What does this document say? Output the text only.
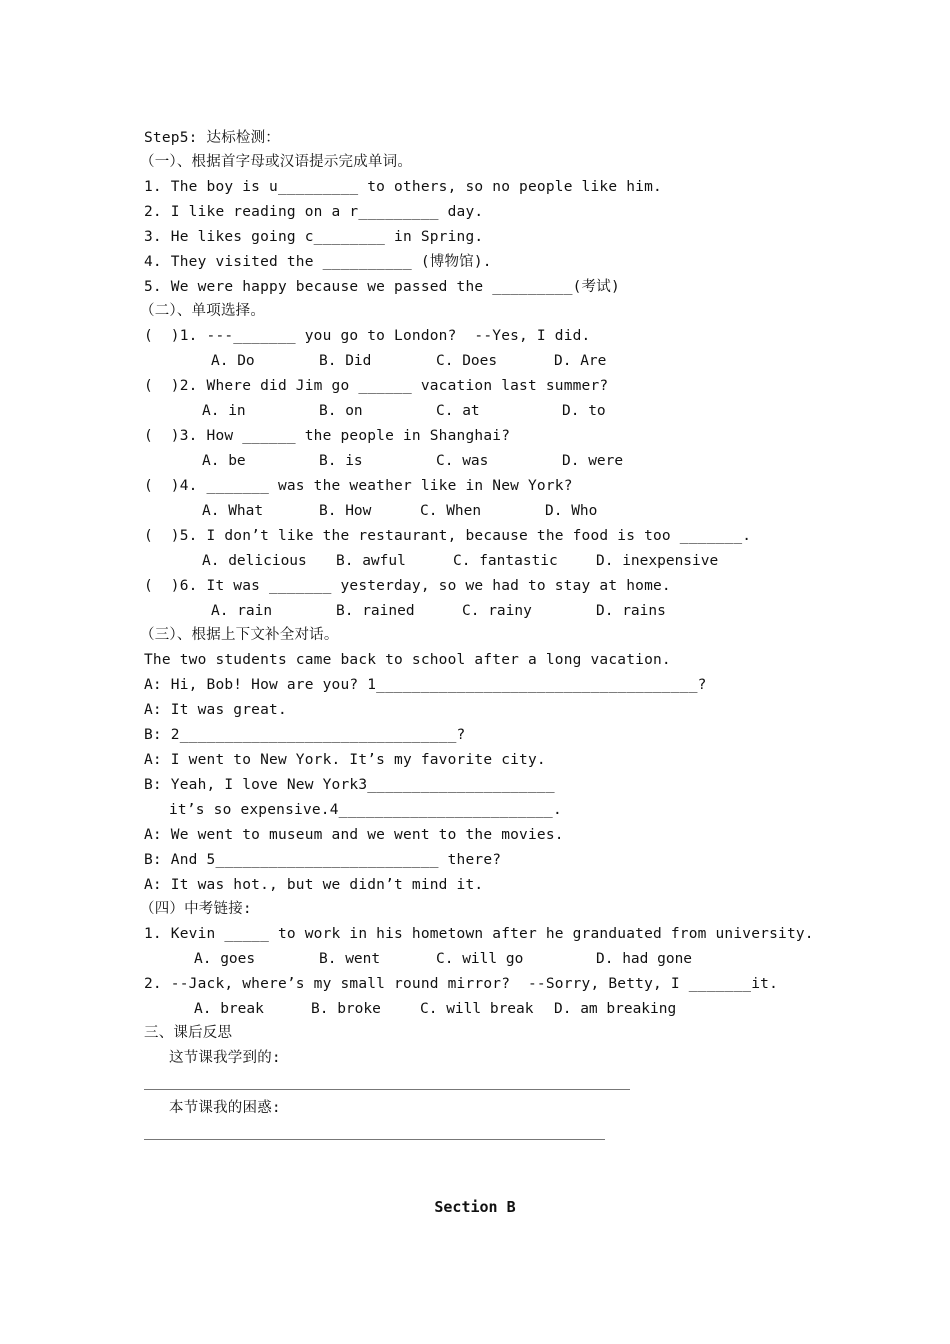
Step5: 达标检测：
（一）、根据首字母或汉语提示完成单词。
1. The boy is u_________ to others, so no people like him.
2. I like reading on a r_________ day.
3. He likes going c________ in Spring.
4. They visited the __________ (博物馆).
5. We were happy because we passed the _________(考试)
（二）、单项选择。
(  )1. ---_______ you go to London?  --Yes, I did.
A. Do	B. Did	C. Does	D. Are
(  )2. Where did Jim go ______ vacation last summer?
A. in	B. on	C. at	D. to
(  )3. How ______ the people in Shanghai?
A. be	B. is	C. was	D. were
(  )4. _______ was the weather like in New York?
A. What	B. How	C. When	D. Who
(  )5. I don’t like the restaurant, because the food is too _______.
A. delicious B. awful	C. fantastic	D. inexpensive
(  )6. It was _______ yesterday, so we had to stay at home.
A. rain	B. rained	C. rainy	D. rains
（三）、根据上下文补全对话。
The two students came back to school after a long vacation.
A: Hi, Bob! How are you? 1____________________________________?
A: It was great.
B: 2_______________________________?
A: I went to New York. It’s my favorite city.
B: Yeah, I love New York3_____________________
it’s so expensive.4________________________.
A: We went to museum and we went to the movies.
B: And 5_________________________ there?
A: It was hot., but we didn’t mind it.
（四）中考链接:
1. Kevin _____ to work in his hometown after he granduated from university.
A. goes	B. went	C. will go	D. had gone
2. --Jack, where’s my small round mirror?  --Sorry, Betty, I _______it.
A. break	B. broke	C. will break D. am breaking
三、课后反思
这节课我学到的:
本节课我的困惑:
Section B
